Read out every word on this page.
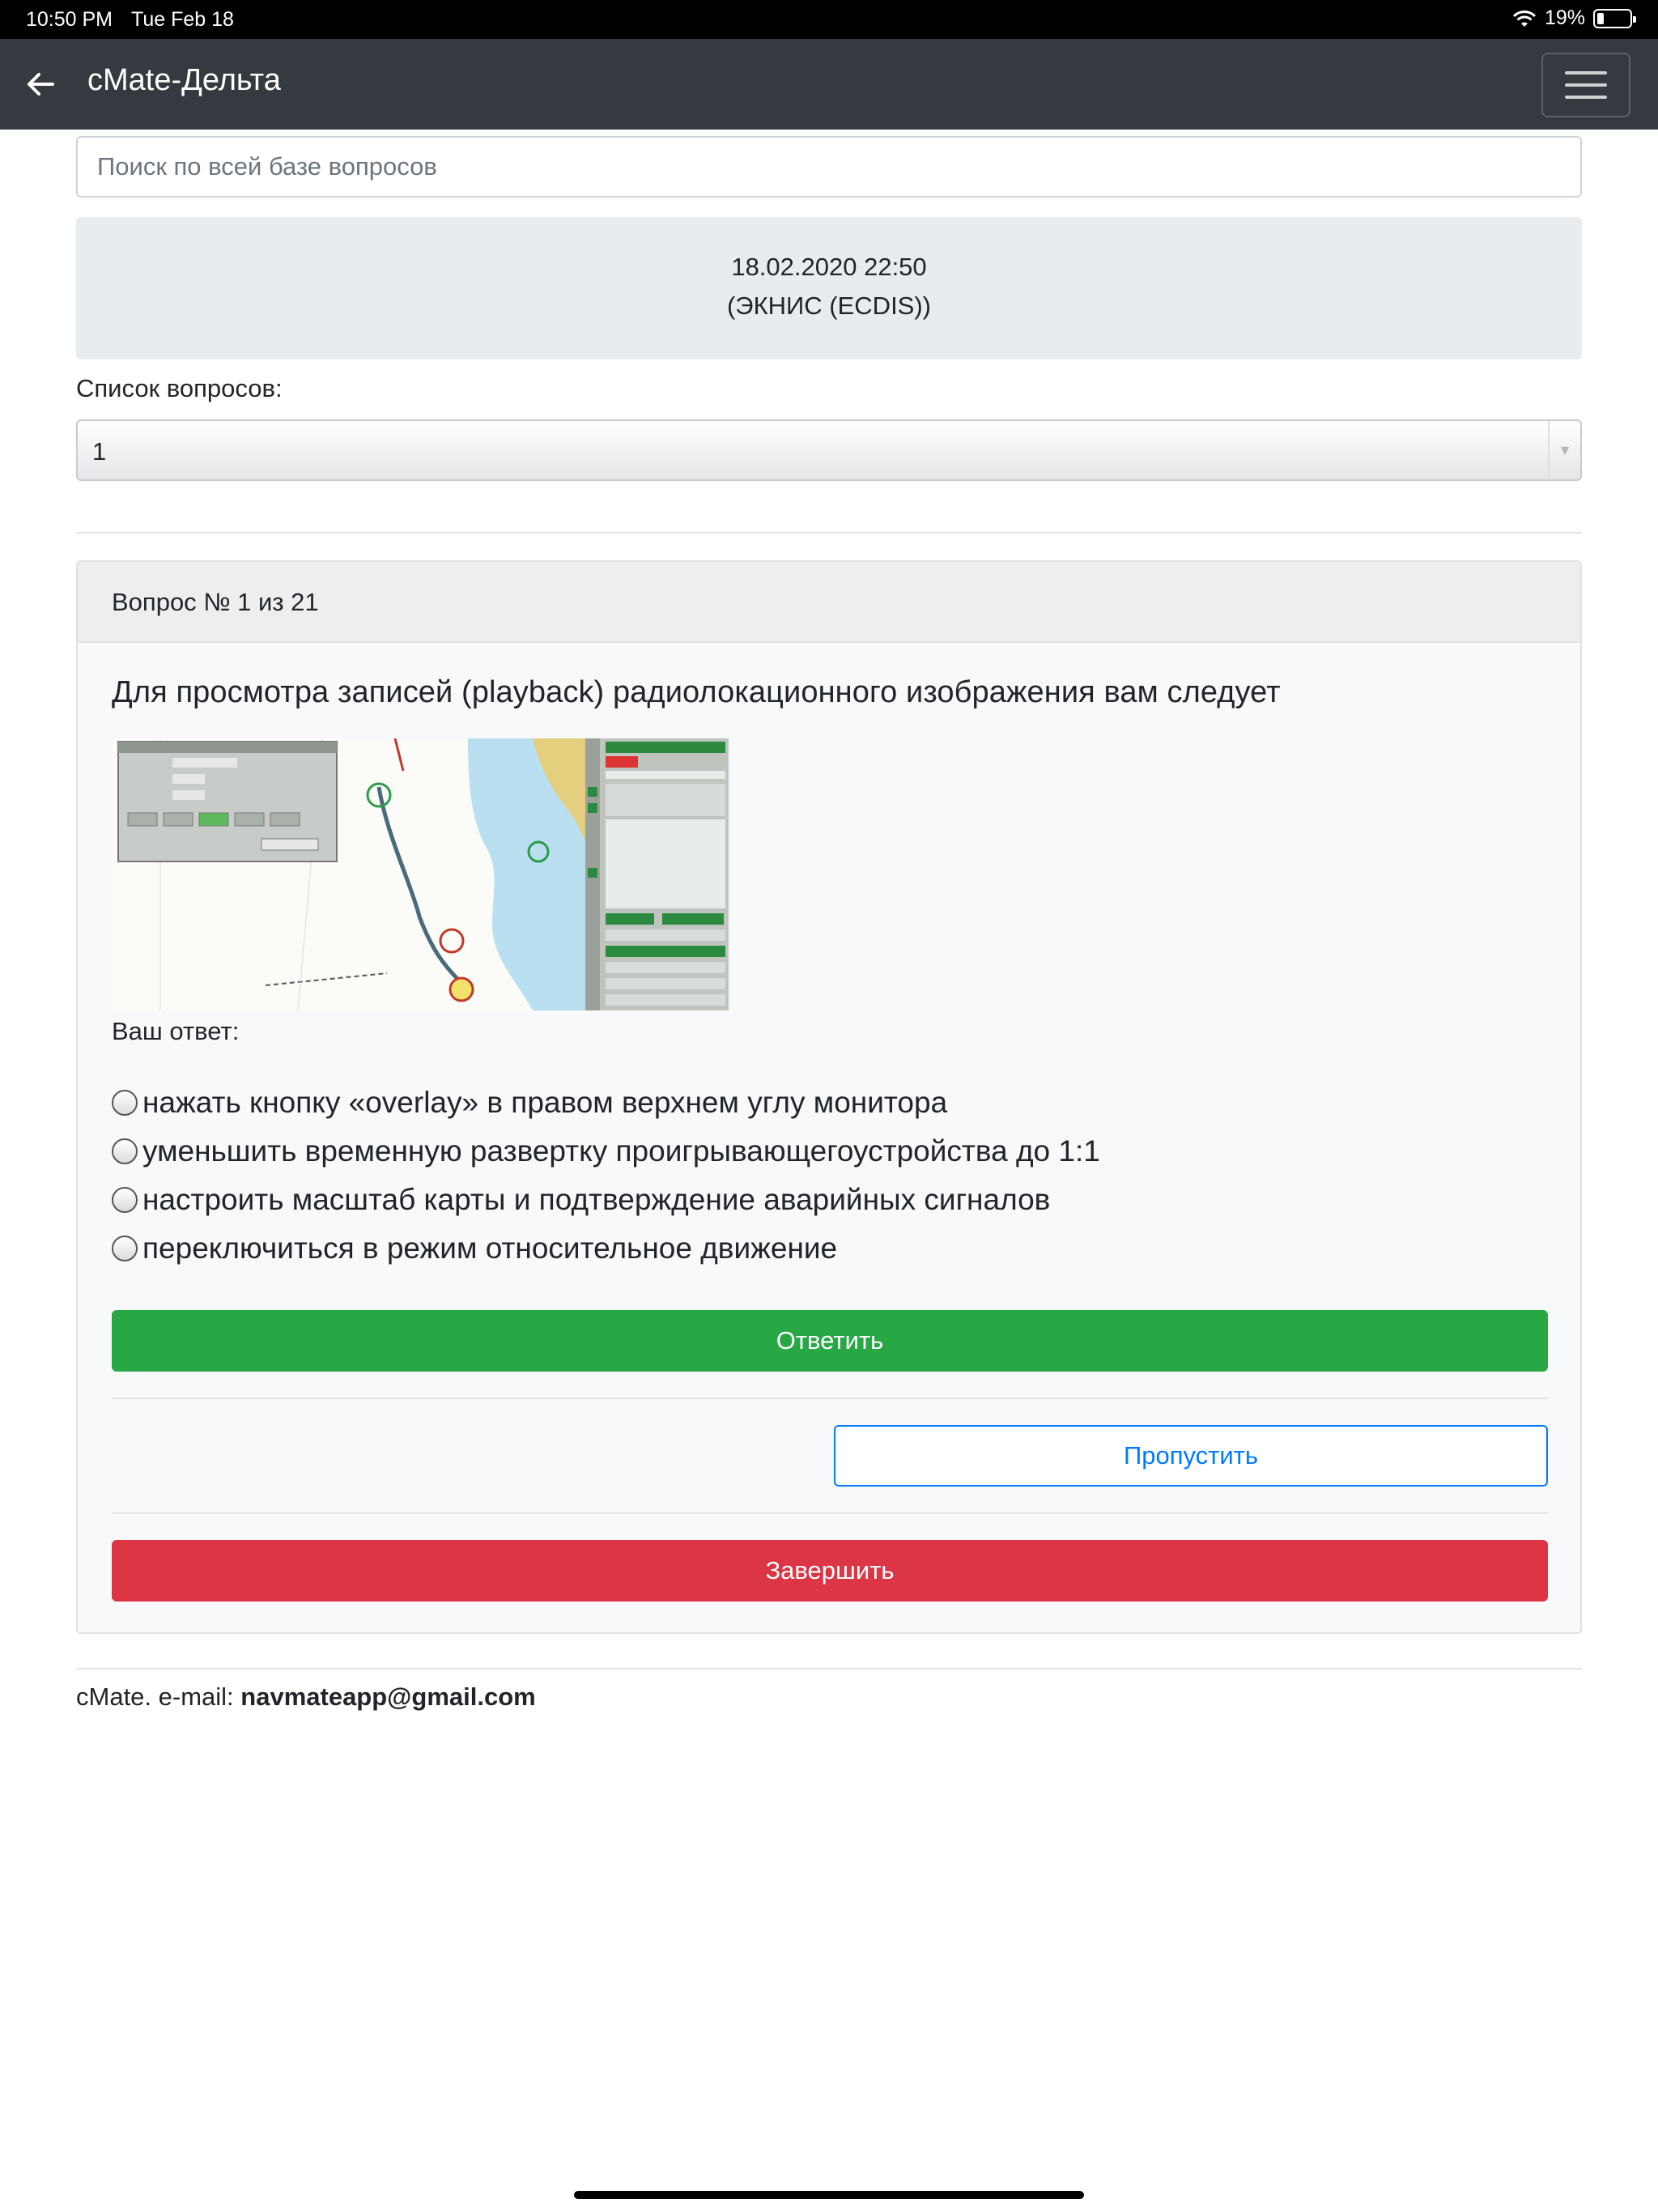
10:50 PM Tue Feb 18	19%
cMate-Дельта
Поиск по всей базе вопросов
18.02.2020 22:50
(ЭКНИС (ECDIS))
Список вопросов:
1	▼
Вопрос № 1 из 21
Для просмотра записей (playback) радиолокационного изображения вам следует
Ваш ответ:
нажать кнопку «overlay» в правом верхнем углу монитора
уменьшить временную развертку проигрывающегоустройства до 1:1
настроить масштаб карты и подтверждение аварийных сигналов
переключиться в режим относительное движение
Ответить
Пропустить
Завершить
cMate. e-mail: navmateapp@gmail.com
